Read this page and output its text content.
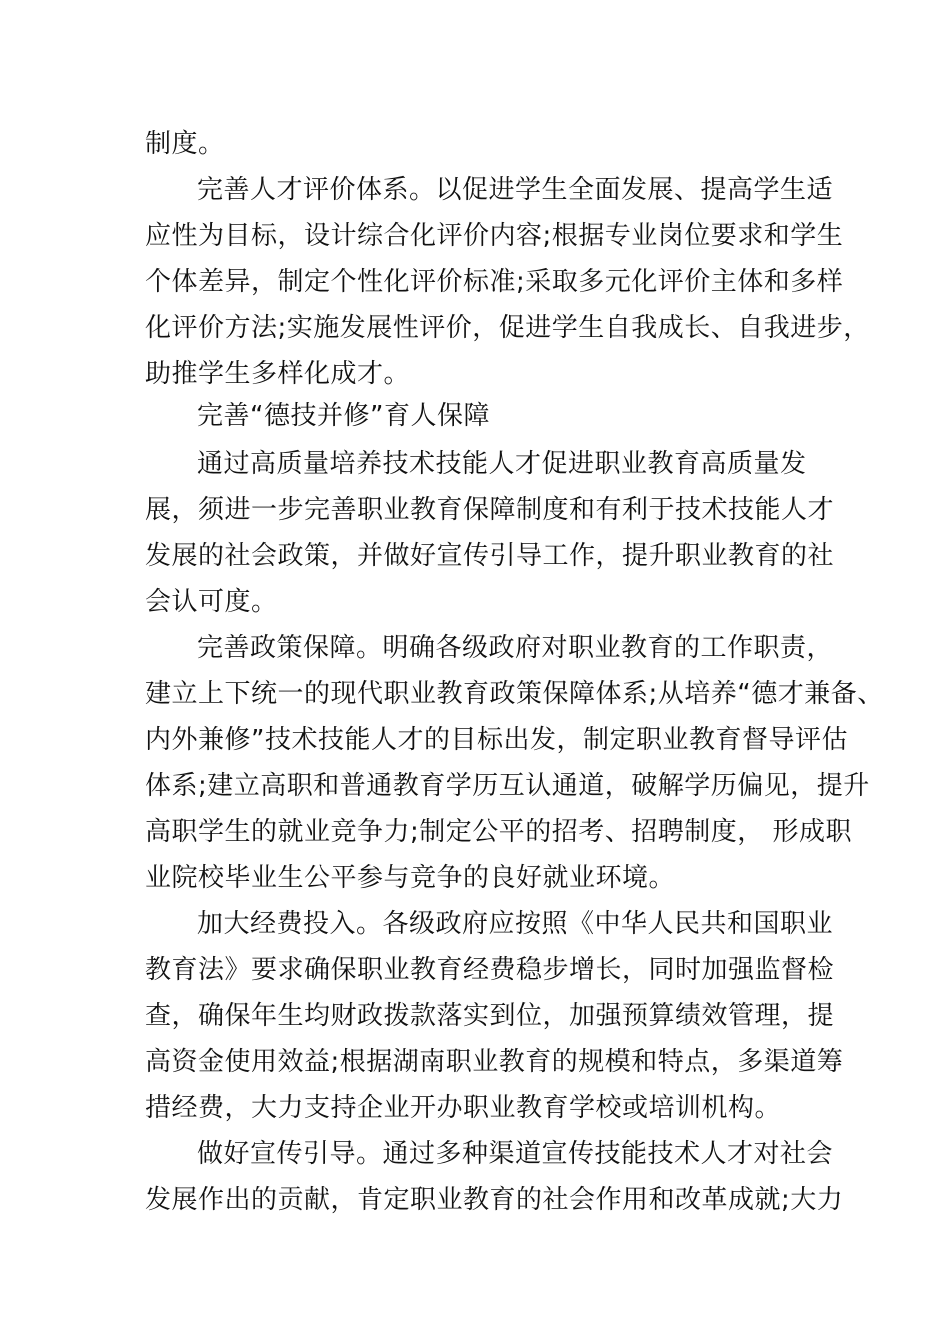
制度。
完善人才评价体系。以促进学生全面发展、提高学生适
应性为目标，设计综合化评价内容;根据专业岗位要求和学生
个体差异，制定个性化评价标准;采取多元化评价主体和多样
化评价方法;实施发展性评价，促进学生自我成长、自我进步，
助推学生多样化成才。
完善“德技并修”育人保障
通过高质量培养技术技能人才促进职业教育高质量发
展，须进一步完善职业教育保障制度和有利于技术技能人才
发展的社会政策，并做好宣传引导工作，提升职业教育的社
会认可度。
完善政策保障。明确各级政府对职业教育的工作职责，
建立上下统一的现代职业教育政策保障体系;从培养“德才兼备、
内外兼修”技术技能人才的目标出发，制定职业教育督导评估
体系;建立高职和普通教育学历互认通道，破解学历偏见，提升
高职学生的就业竞争力;制定公平的招考、招聘制度， 形成职
业院校毕业生公平参与竞争的良好就业环境。
加大经费投入。各级政府应按照《中华人民共和国职业
教育法》要求确保职业教育经费稳步增长，同时加强监督检
查，确保年生均财政拨款落实到位，加强预算绩效管理，提
高资金使用效益;根据湖南职业教育的规模和特点，多渠道筹
措经费，大力支持企业开办职业教育学校或培训机构。
做好宣传引导。通过多种渠道宣传技能技术人才对社会
发展作出的贡献，肯定职业教育的社会作用和改革成就;大力
